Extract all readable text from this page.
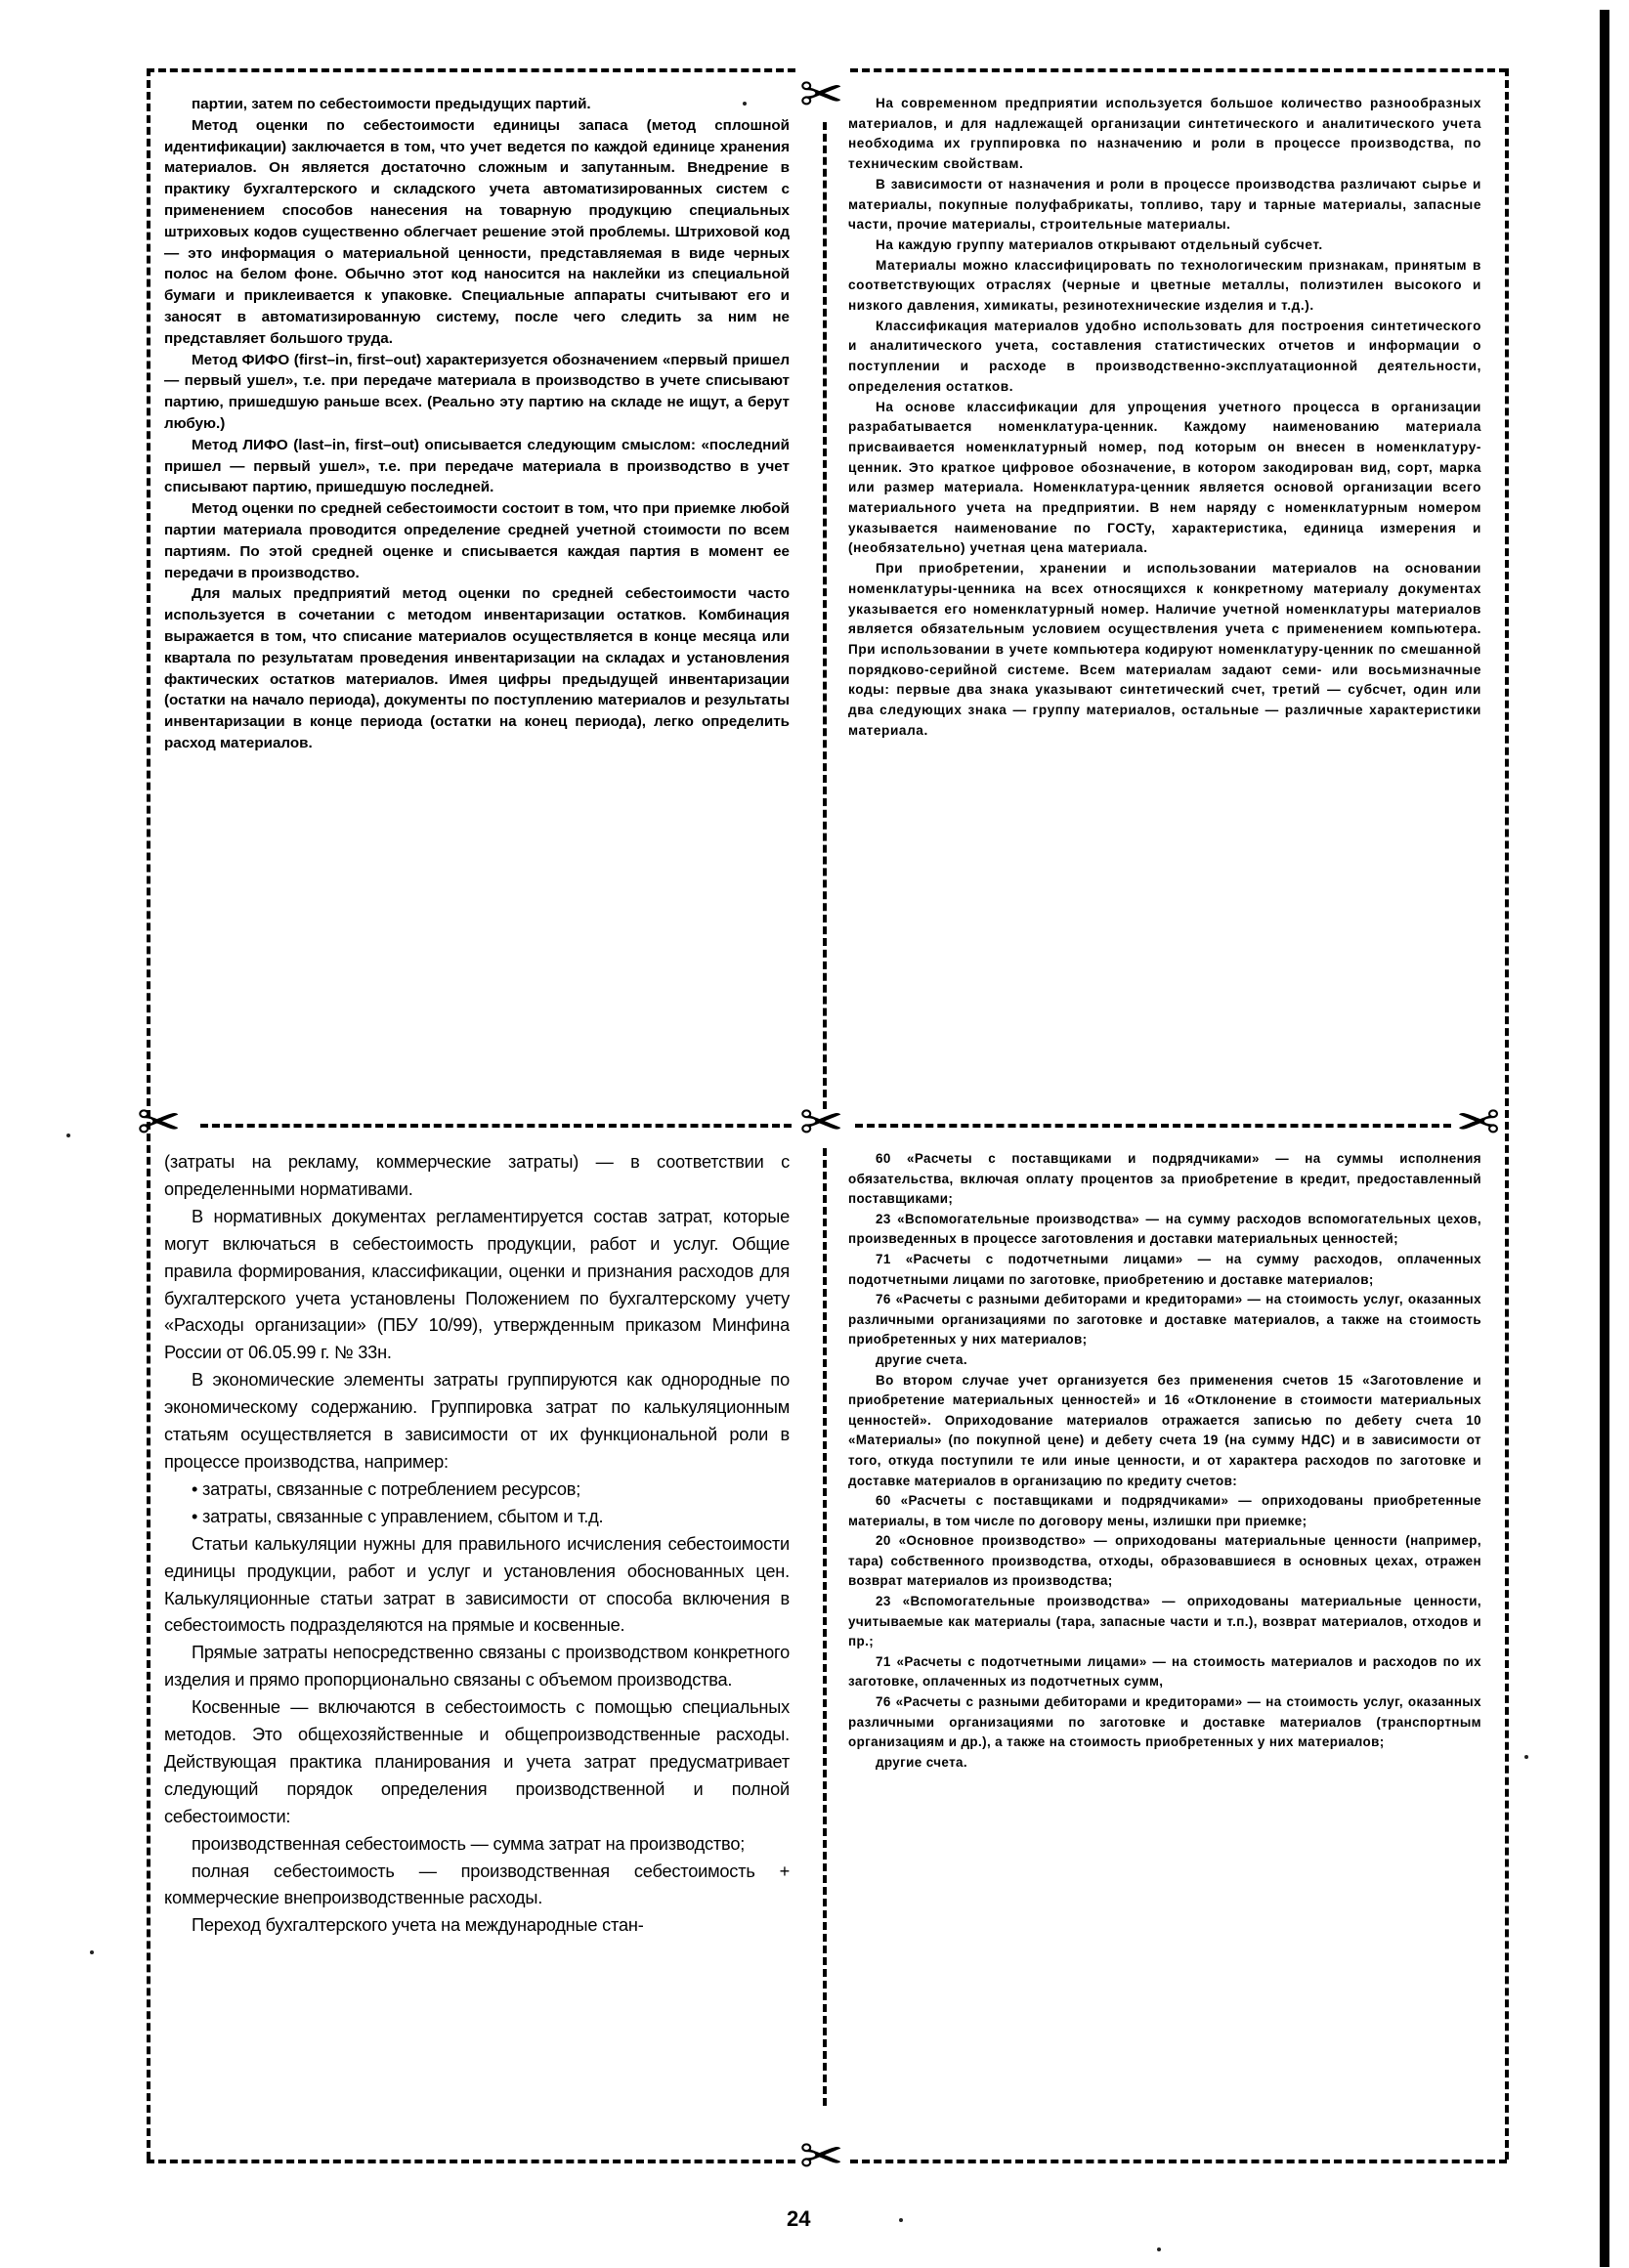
✂
✂	✂	✂
✂

партии, затем по себестоимости предыдущих партий.

Метод оценки по себестоимости единицы запаса (метод сплошной идентификации) заключается в том, что учет ведется по каждой единице хранения материалов. Он является достаточно сложным и запутанным. Внедрение в практику бухгалтерского и складского учета автоматизированных систем с применением способов нанесения на товарную продукцию специальных штриховых кодов существенно облегчает решение этой проблемы. Штриховой код — это информация о материальной ценности, представляемая в виде черных полос на белом фоне. Обычно этот код наносится на наклейки из специальной бумаги и приклеивается к упаковке. Специальные аппараты считывают его и заносят в автоматизированную систему, после чего следить за ним не представляет большого труда.

Метод ФИФО (first–in, first–out) характеризуется обозначением «первый пришел — первый ушел», т.е. при передаче материала в производство в учете списывают партию, пришедшую раньше всех. (Реально эту партию на складе не ищут, а берут любую.)

Метод ЛИФО (last–in, first–out) описывается следующим смыслом: «последний пришел — первый ушел», т.е. при передаче материала в производство в учет списывают партию, пришедшую последней.

Метод оценки по средней себестоимости состоит в том, что при приемке любой партии материала проводится определение средней учетной стоимости по всем партиям. По этой средней оценке и списывается каждая партия в момент ее передачи в производство.

Для малых предприятий метод оценки по средней себестоимости часто используется в сочетании с методом инвентаризации остатков. Комбинация выражается в том, что списание материалов осуществляется в конце месяца или квартала по результатам проведения инвентаризации на складах и установления фактических остатков материалов. Имея цифры предыдущей инвентаризации (остатки на начало периода), документы по поступлению материалов и результаты инвентаризации в конце периода (остатки на конец периода), легко определить расход материалов.

На современном предприятии используется большое количество разнообразных материалов, и для надлежащей организации синтетического и аналитического учета необходима их группировка по назначению и роли в процессе производства, по техническим свойствам.

В зависимости от назначения и роли в процессе производства различают сырье и материалы, покупные полуфабрикаты, топливо, тару и тарные материалы, запасные части, прочие материалы, строительные материалы.

На каждую группу материалов открывают отдельный субсчет.

Материалы можно классифицировать по технологическим признакам, принятым в соответствующих отраслях (черные и цветные металлы, полиэтилен высокого и низкого давления, химикаты, резинотехнические изделия и т.д.).

Классификация материалов удобно использовать для построения синтетического и аналитического учета, составления статистических отчетов и информации о поступлении и расходе в производственно-эксплуатационной деятельности, определения остатков.

На основе классификации для упрощения учетного процесса в организации разрабатывается номенклатура-ценник. Каждому наименованию материала присваивается номенклатурный номер, под которым он внесен в номенклатуру-ценник. Это краткое цифровое обозначение, в котором закодирован вид, сорт, марка или размер материала. Номенклатура-ценник является основой организации всего материального учета на предприятии. В нем наряду с номенклатурным номером указывается наименование по ГОСТу, характеристика, единица измерения и (необязательно) учетная цена материала.

При приобретении, хранении и использовании материалов на основании номенклатуры-ценника на всех относящихся к конкретному материалу документах указывается его номенклатурный номер. Наличие учетной номенклатуры материалов является обязательным условием осуществления учета с применением компьютера. При использовании в учете компьютера кодируют номенклатуру-ценник по смешанной порядково-серийной системе. Всем материалам задают семи- или восьмизначные коды: первые два знака указывают синтетический счет, третий — субсчет, один или два следующих знака — группу материалов, остальные — различные характеристики материала.

(затраты на рекламу, коммерческие затраты) — в соответствии с определенными нормативами.

В нормативных документах регламентируется состав затрат, которые могут включаться в себестоимость продукции, работ и услуг. Общие правила формирования, классификации, оценки и признания расходов для бухгалтерского учета установлены Положением по бухгалтерскому учету «Расходы организации» (ПБУ 10/99), утвержденным приказом Минфина России от 06.05.99 г. № 33н.

В экономические элементы затраты группируются как однородные по экономическому содержанию. Группировка затрат по калькуляционным статьям осуществляется в зависимости от их функциональной роли в процессе производства, например:

• затраты, связанные с потреблением ресурсов;

• затраты, связанные с управлением, сбытом и т.д.

Статьи калькуляции нужны для правильного исчисления себестоимости единицы продукции, работ и услуг и установления обоснованных цен. Калькуляционные статьи затрат в зависимости от способа включения в себестоимость подразделяются на прямые и косвенные.

Прямые затраты непосредственно связаны с производством конкретного изделия и прямо пропорционально связаны с объемом производства.

Косвенные — включаются в себестоимость с помощью специальных методов. Это общехозяйственные и общепроизводственные расходы. Действующая практика планирования и учета затрат предусматривает следующий порядок определения производственной и полной себестоимости:

производственная себестоимость — сумма затрат на производство;

полная себестоимость — производственная себестоимость + коммерческие внепроизводственные расходы.

Переход бухгалтерского учета на международные стан-

60 «Расчеты с поставщиками и подрядчиками» — на суммы исполнения обязательства, включая оплату процентов за приобретение в кредит, предоставленный поставщиками;

23 «Вспомогательные производства» — на сумму расходов вспомогательных цехов, произведенных в процессе заготовления и доставки материальных ценностей;

71 «Расчеты с подотчетными лицами» — на сумму расходов, оплаченных подотчетными лицами по заготовке, приобретению и доставке материалов;

76 «Расчеты с разными дебиторами и кредиторами» — на стоимость услуг, оказанных различными организациями по заготовке и доставке материалов, а также на стоимость приобретенных у них материалов;

другие счета.

Во втором случае учет организуется без применения счетов 15 «Заготовление и приобретение материальных ценностей» и 16 «Отклонение в стоимости материальных ценностей». Оприходование материалов отражается записью по дебету счета 10 «Материалы» (по покупной цене) и дебету счета 19 (на сумму НДС) и в зависимости от того, откуда поступили те или иные ценности, и от характера расходов по заготовке и доставке материалов в организацию по кредиту счетов:

60 «Расчеты с поставщиками и подрядчиками» — оприходованы приобретенные материалы, в том числе по договору мены, излишки при приемке;

20 «Основное производство» — оприходованы материальные ценности (например, тара) собственного производства, отходы, образовавшиеся в основных цехах, отражен возврат материалов из производства;

23 «Вспомогательные производства» — оприходованы материальные ценности, учитываемые как материалы (тара, запасные части и т.п.), возврат материалов, отходов и пр.;

71 «Расчеты с подотчетными лицами» — на стоимость материалов и расходов по их заготовке, оплаченных из подотчетных сумм,

76 «Расчеты с разными дебиторами и кредиторами» — на стоимость услуг, оказанных различными организациями по заготовке и доставке материалов (транспортным организациям и др.), а также на стоимость приобретенных у них материалов;

другие счета.

24
